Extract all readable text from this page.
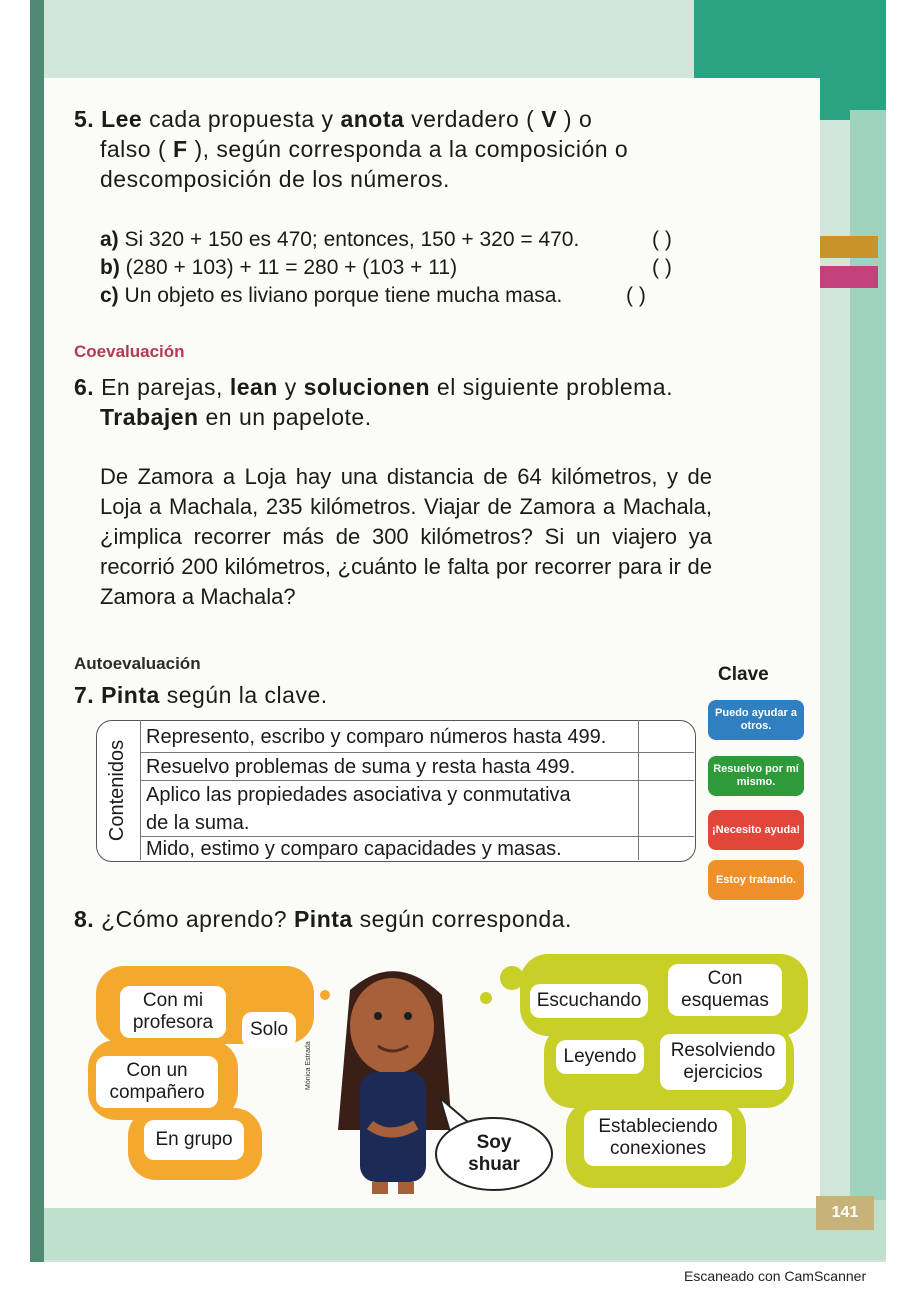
141
5. Lee cada propuesta y anota verdadero ( V ) o
falso ( F ), según corresponda a la composición o
descomposición de los números.
a) Si 320 + 150 es 470; entonces, 150 + 320 = 470.
b) (280 + 103) + 11 = 280 + (103 + 11)
c) Un objeto es liviano porque tiene mucha masa.
( )
( )
( )
Coevaluación
6. En parejas, lean y solucionen el siguiente problema.
Trabajen en un papelote.
De Zamora a Loja hay una distancia de 64 kilómetros, y de Loja a Machala, 235 kilómetros. Viajar de Zamora a Machala, ¿implica recorrer más de 300 kilómetros? Si un viajero ya recorrió 200 kilómetros, ¿cuánto le falta por recorrer para ir de Zamora a Machala?
Autoevaluación
7. Pinta según la clave.
Contenidos
Represento, escribo y comparo números hasta 499.
Resuelvo problemas de suma y resta hasta 499.
Aplico las propiedades asociativa y conmutativa
de la suma.
Mido, estimo y comparo capacidades y masas.
Clave
Puedo ayudar a otros.
Resuelvo por mí mismo.
¡Necesito ayuda!
Estoy tratando.
8. ¿Cómo aprendo? Pinta según corresponda.
Con mi profesora	Solo
Con un compañero
En grupo
Mónica Estrada
Soy shuar
Con esquemas
Escuchando
Leyendo	Resolviendo ejercicios
Estableciendo conexiones
Escaneado con CamScanner
